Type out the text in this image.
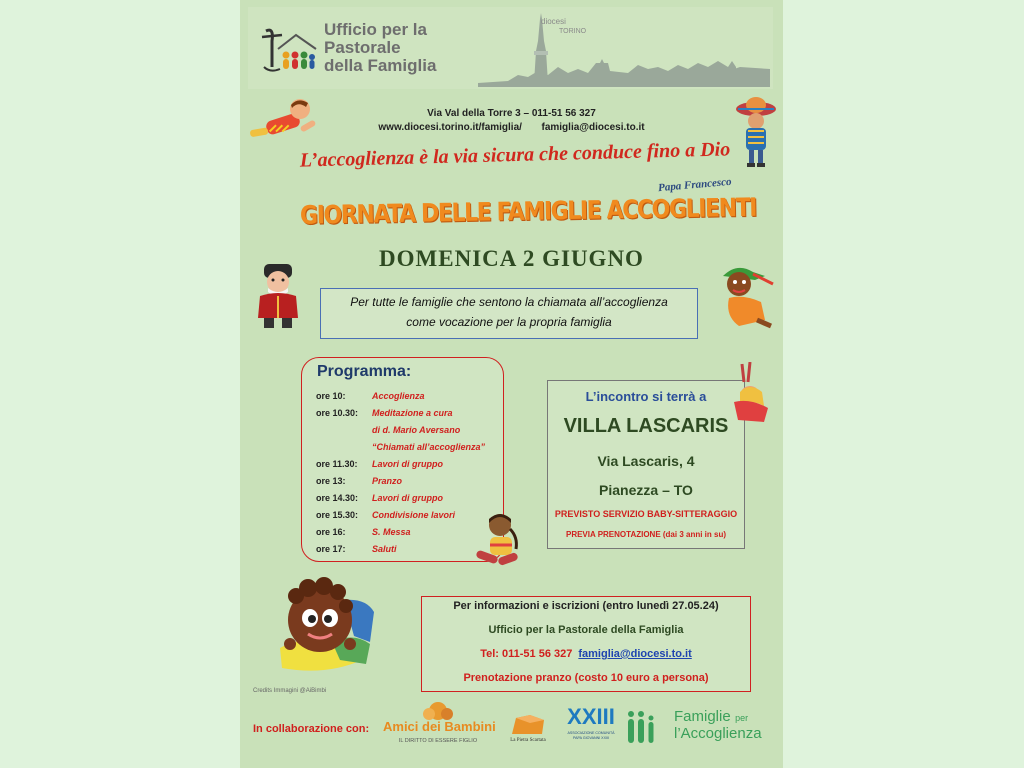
Ufficio per la
Pastorale
della Famiglia
diocesi
TORINO
Via Val della Torre 3 – 011-51 56 327
www.diocesi.torino.it/famiglia/ famiglia@diocesi.to.it
L’accoglienza è la via sicura che conduce fino a Dio
Papa Francesco
GIORNATA DELLE FAMIGLIE ACCOGLIENTI
DOMENICA 2 GIUGNO
Per tutte le famiglie che sentono la chiamata all’accoglienza
come vocazione per la propria famiglia
Programma:
ore 10:	Accoglienza
ore 10.30: Meditazione a cura
di d. Mario Aversano
“Chiamati all’accoglienza”
ore 11.30: Lavori di gruppo
ore 13:	Pranzo
ore 14.30: Lavori di gruppo
ore 15.30: Condivisione lavori
ore 16:	S. Messa
ore 17:	Saluti
L’incontro si terrà a
VILLA LASCARIS
Via Lascaris, 4
Pianezza – TO
PREVISTO SERVIZIO BABY-SITTERAGGIO
PREVIA PRENOTAZIONE (dai 3 anni in su)
Per informazioni e iscrizioni (entro lunedì 27.05.24)
Ufficio per la Pastorale della Famiglia
Tel: 011-51 56 327 famiglia@diocesi.to.it
Prenotazione pranzo (costo 10 euro a persona)
Credits Immagini @AiBimbi
In collaborazione con: Amici dei Bambini
IL DIRITTO DI ESSERE FIGLIO	La Pietra Scartata
XXIII
ASSOCIAZIONE COMUNITÀ PAPA GIOVANNI XXIII
Famiglie per
l’Accoglienza
